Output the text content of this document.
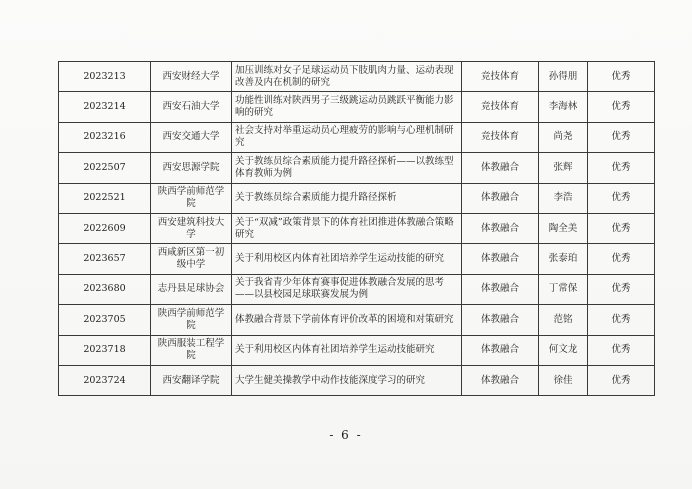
2023213	西安财经大学	加压训练对女子足球运动员下肢肌肉力量、运动表现改善及内在机制的研究	竞技体育	孙得朋	优秀
2023214	西安石油大学	功能性训练对陕西男子三级跳运动员跳跃平衡能力影响的研究	竞技体育	李海林	优秀
2023216	西安交通大学	社会支持对举重运动员心理疲劳的影响与心理机制研究	竞技体育	尚尧	优秀
2022507	西安思源学院	关于教练员综合素质能力提升路径探析——以教练型体育教师为例	体教融合	张辉	优秀
2022521	陕西学前师范学院	关于教练员综合素质能力提升路径探析	体教融合	李浩	优秀
2022609	西安建筑科技大学	关于“双减”政策背景下的体育社团推进体教融合策略研究	体教融合	陶全美	优秀
2023657	西咸新区第一初级中学	关于利用校区内体育社团培养学生运动技能的研究	体教融合	张泰珀	优秀
2023680	志丹县足球协会	关于我省青少年体育赛事促进体教融合发展的思考——以县校园足球联赛发展为例	体教融合	丁常保	优秀
2023705	陕西学前师范学院	体教融合背景下学前体育评价改革的困境和对策研究	体教融合	范铭	优秀
2023718	陕西服装工程学院	关于利用校区内体育社团培养学生运动技能研究	体教融合	何文龙	优秀
2023724	西安翻译学院	大学生健美操教学中动作技能深度学习的研究	体教融合	徐佳	优秀
- 6 -
